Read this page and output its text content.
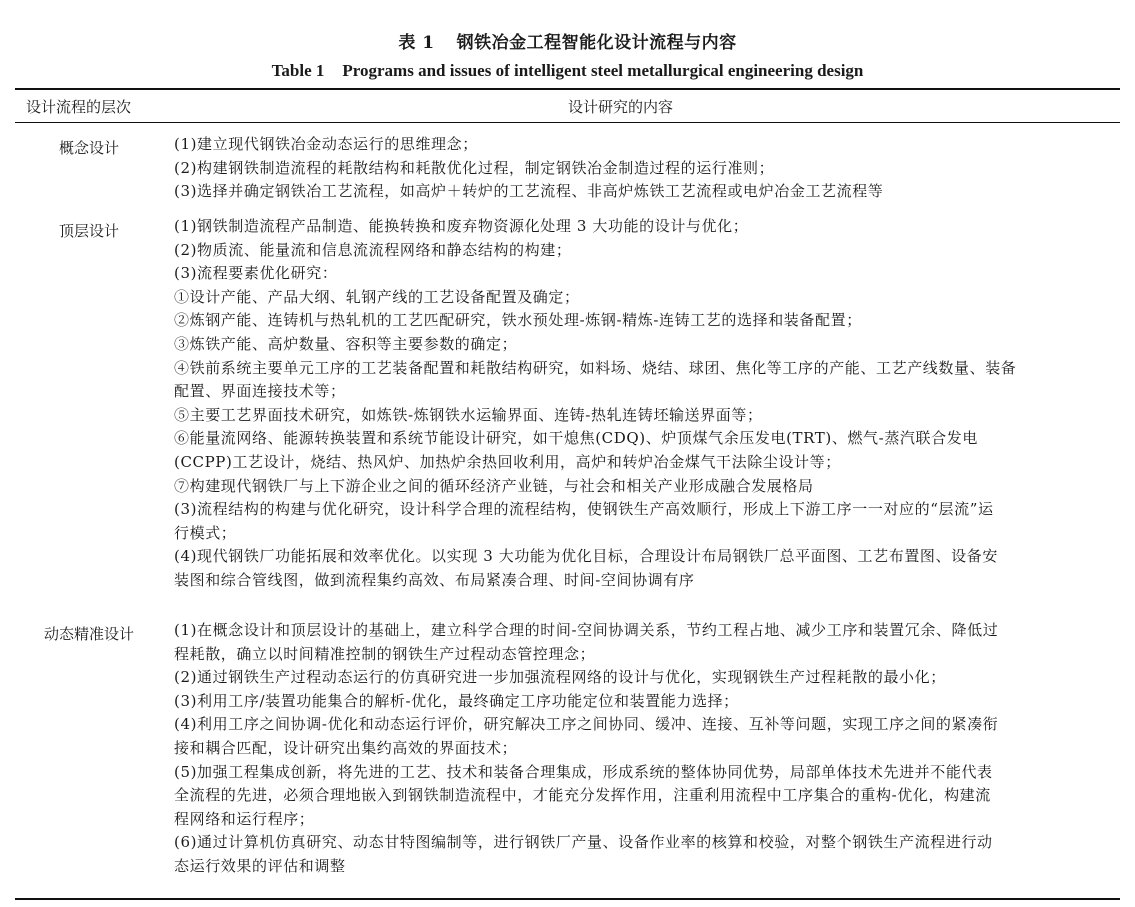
表 1 钢铁冶金工程智能化设计流程与内容
Table 1 Programs and issues of intelligent steel metallurgical engineering design
设计流程的层次	设计研究的内容
概念设计	(1)建立现代钢铁冶金动态运行的思维理念；
(2)构建钢铁制造流程的耗散结构和耗散优化过程，制定钢铁冶金制造过程的运行准则；
(3)选择并确定钢铁冶工艺流程，如高炉＋转炉的工艺流程、非高炉炼铁工艺流程或电炉冶金工艺流程等
顶层设计	(1)钢铁制造流程产品制造、能换转换和废弃物资源化处理 3 大功能的设计与优化；
(2)物质流、能量流和信息流流程网络和静态结构的构建；
(3)流程要素优化研究：
①设计产能、产品大纲、轧钢产线的工艺设备配置及确定；
②炼钢产能、连铸机与热轧机的工艺匹配研究，铁水预处理-炼钢-精炼-连铸工艺的选择和装备配置；
③炼铁产能、高炉数量、容积等主要参数的确定；
④铁前系统主要单元工序的工艺装备配置和耗散结构研究，如料场、烧结、球团、焦化等工序的产能、工艺产线数量、装备
配置、界面连接技术等；
⑤主要工艺界面技术研究，如炼铁-炼钢铁水运输界面、连铸-热轧连铸坯输送界面等；
⑥能量流网络、能源转换装置和系统节能设计研究，如干熄焦(CDQ)、炉顶煤气余压发电(TRT)、燃气-蒸汽联合发电
(CCPP)工艺设计，烧结、热风炉、加热炉余热回收利用，高炉和转炉冶金煤气干法除尘设计等；
⑦构建现代钢铁厂与上下游企业之间的循环经济产业链，与社会和相关产业形成融合发展格局
(3)流程结构的构建与优化研究，设计科学合理的流程结构，使钢铁生产高效顺行，形成上下游工序一一对应的“层流”运
行模式；
(4)现代钢铁厂功能拓展和效率优化。以实现 3 大功能为优化目标，合理设计布局钢铁厂总平面图、工艺布置图、设备安
装图和综合管线图，做到流程集约高效、布局紧凑合理、时间-空间协调有序
动态精准设计	(1)在概念设计和顶层设计的基础上，建立科学合理的时间-空间协调关系，节约工程占地、减少工序和装置冗余、降低过
程耗散，确立以时间精准控制的钢铁生产过程动态管控理念；
(2)通过钢铁生产过程动态运行的仿真研究进一步加强流程网络的设计与优化，实现钢铁生产过程耗散的最小化；
(3)利用工序/装置功能集合的解析-优化，最终确定工序功能定位和装置能力选择；
(4)利用工序之间协调-优化和动态运行评价，研究解决工序之间协同、缓冲、连接、互补等问题，实现工序之间的紧凑衔
接和耦合匹配，设计研究出集约高效的界面技术；
(5)加强工程集成创新，将先进的工艺、技术和装备合理集成，形成系统的整体协同优势，局部单体技术先进并不能代表
全流程的先进，必须合理地嵌入到钢铁制造流程中，才能充分发挥作用，注重利用流程中工序集合的重构-优化，构建流
程网络和运行程序；
(6)通过计算机仿真研究、动态甘特图编制等，进行钢铁厂产量、设备作业率的核算和校验，对整个钢铁生产流程进行动
态运行效果的评估和调整
